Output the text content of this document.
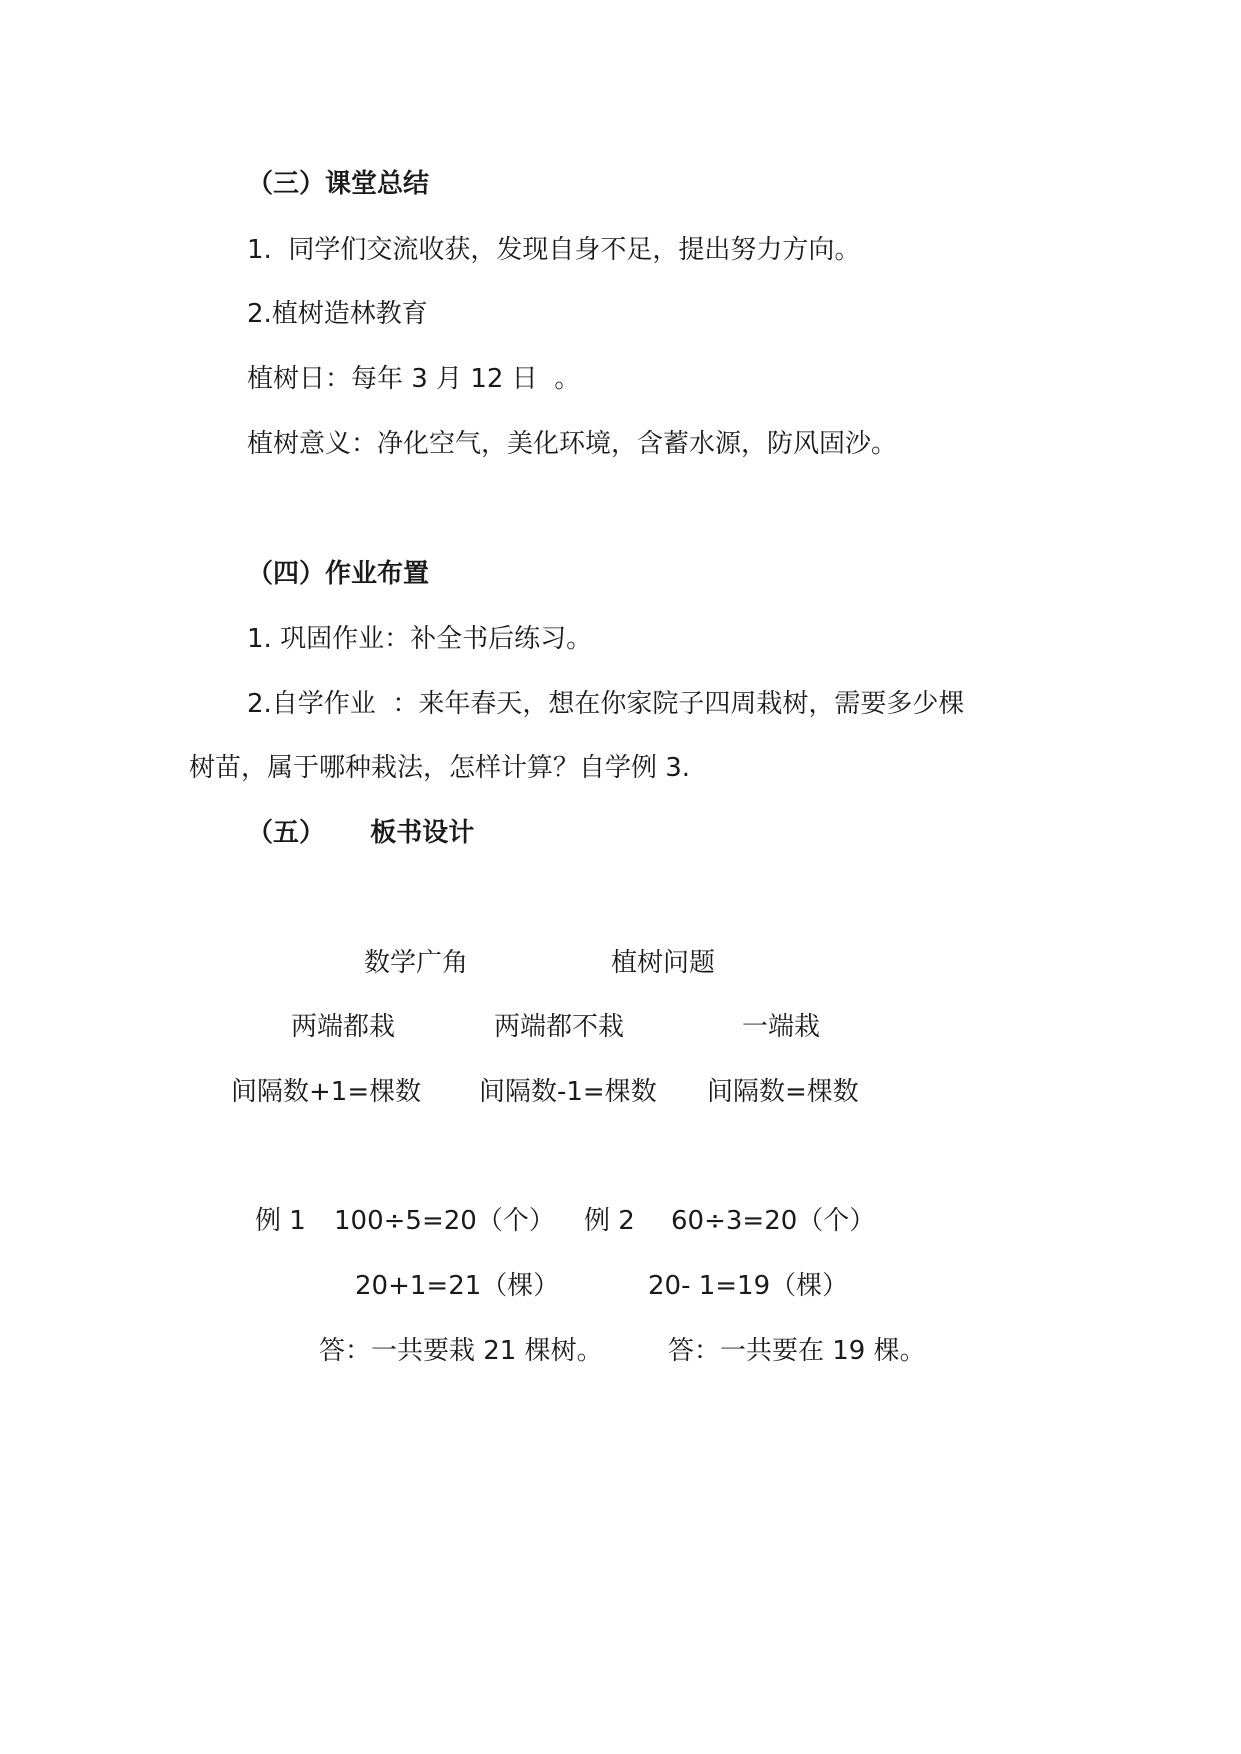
（三）课堂总结
1.  同学们交流收获，发现自身不足，提出努力方向。
2.植树造林教育
植树日：每年 3 月 12 日  。
植树意义：净化空气，美化环境，含蓄水源，防风固沙。
（四）作业布置
1. 巩固作业：补全书后练习。
2.自学作业  ：来年春天，想在你家院子四周栽树，需要多少棵
树苗，属于哪种栽法，怎样计算？自学例 3.
（五）     板书设计
数学广角	植树问题
两端都栽	两端都不栽	一端栽
间隔数+1=棵数 间隔数-1=棵数 间隔数=棵数
例 1 100÷5=20（个） 例 2 60÷3=20（个）
20+1=21（棵）	20- 1=19（棵）
答：一共要栽 21 棵树。	答：一共要在 19 棵。
